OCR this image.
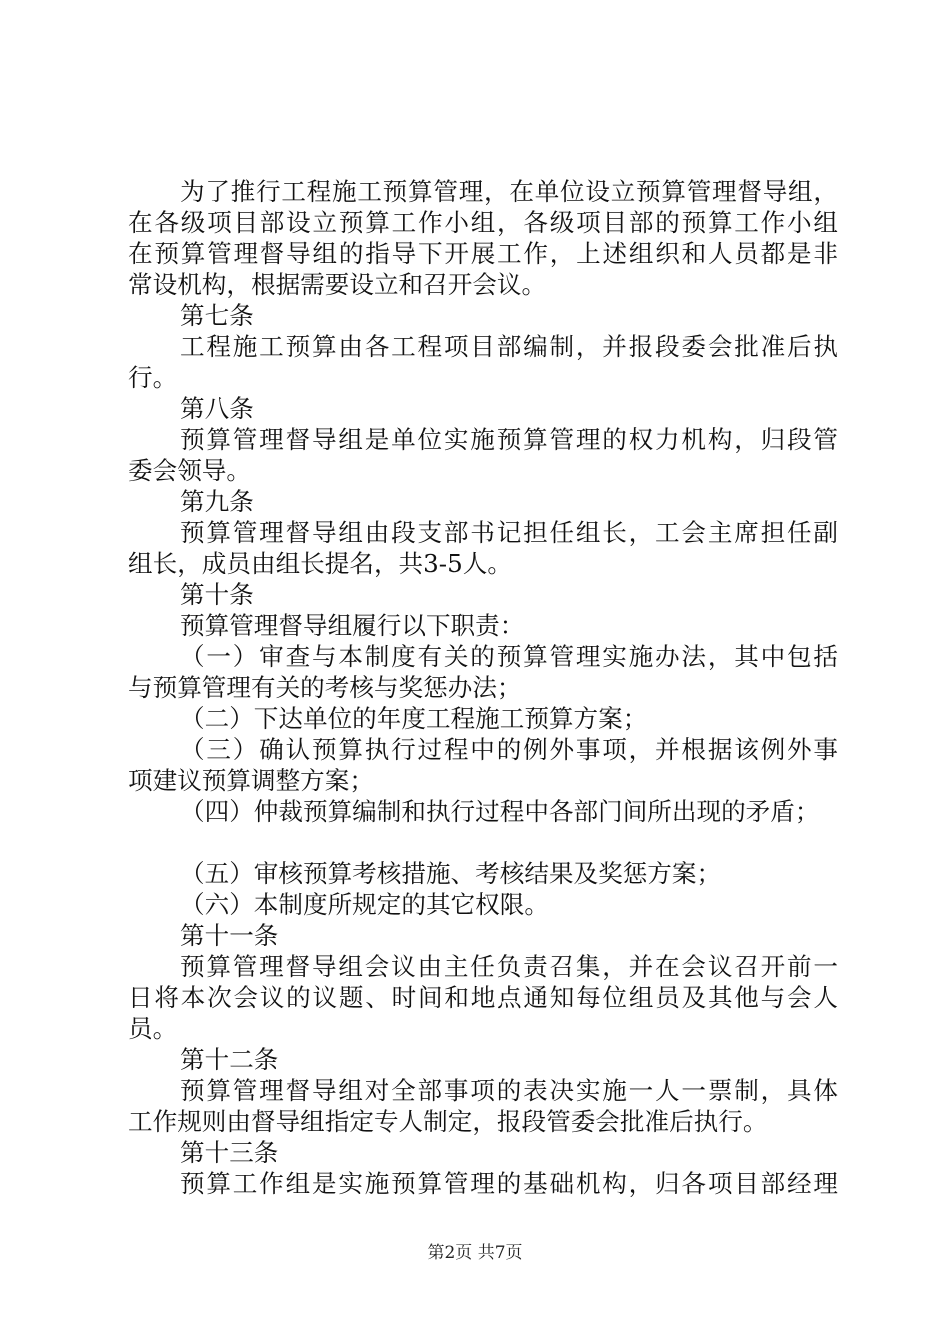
为了推行工程施工预算管理，在单位设立预算管理督导组，
在各级项目部设立预算工作小组，各级项目部的预算工作小组
在预算管理督导组的指导下开展工作，上述组织和人员都是非
常设机构，根据需要设立和召开会议。
第七条
工程施工预算由各工程项目部编制，并报段委会批准后执
行。
第八条
预算管理督导组是单位实施预算管理的权力机构，归段管
委会领导。
第九条
预算管理督导组由段支部书记担任组长，工会主席担任副
组长，成员由组长提名，共3-5人。
第十条
预算管理督导组履行以下职责：
（一）审查与本制度有关的预算管理实施办法，其中包括
与预算管理有关的考核与奖惩办法；
（二）下达单位的年度工程施工预算方案；
（三）确认预算执行过程中的例外事项，并根据该例外事
项建议预算调整方案；
（四）仲裁预算编制和执行过程中各部门间所出现的矛盾；
（五）审核预算考核措施、考核结果及奖惩方案；
（六）本制度所规定的其它权限。
第十一条
预算管理督导组会议由主任负责召集，并在会议召开前一
日将本次会议的议题、时间和地点通知每位组员及其他与会人
员。
第十二条
预算管理督导组对全部事项的表决实施一人一票制，具体
工作规则由督导组指定专人制定，报段管委会批准后执行。
第十三条
预算工作组是实施预算管理的基础机构，归各项目部经理
第2页 共7页
